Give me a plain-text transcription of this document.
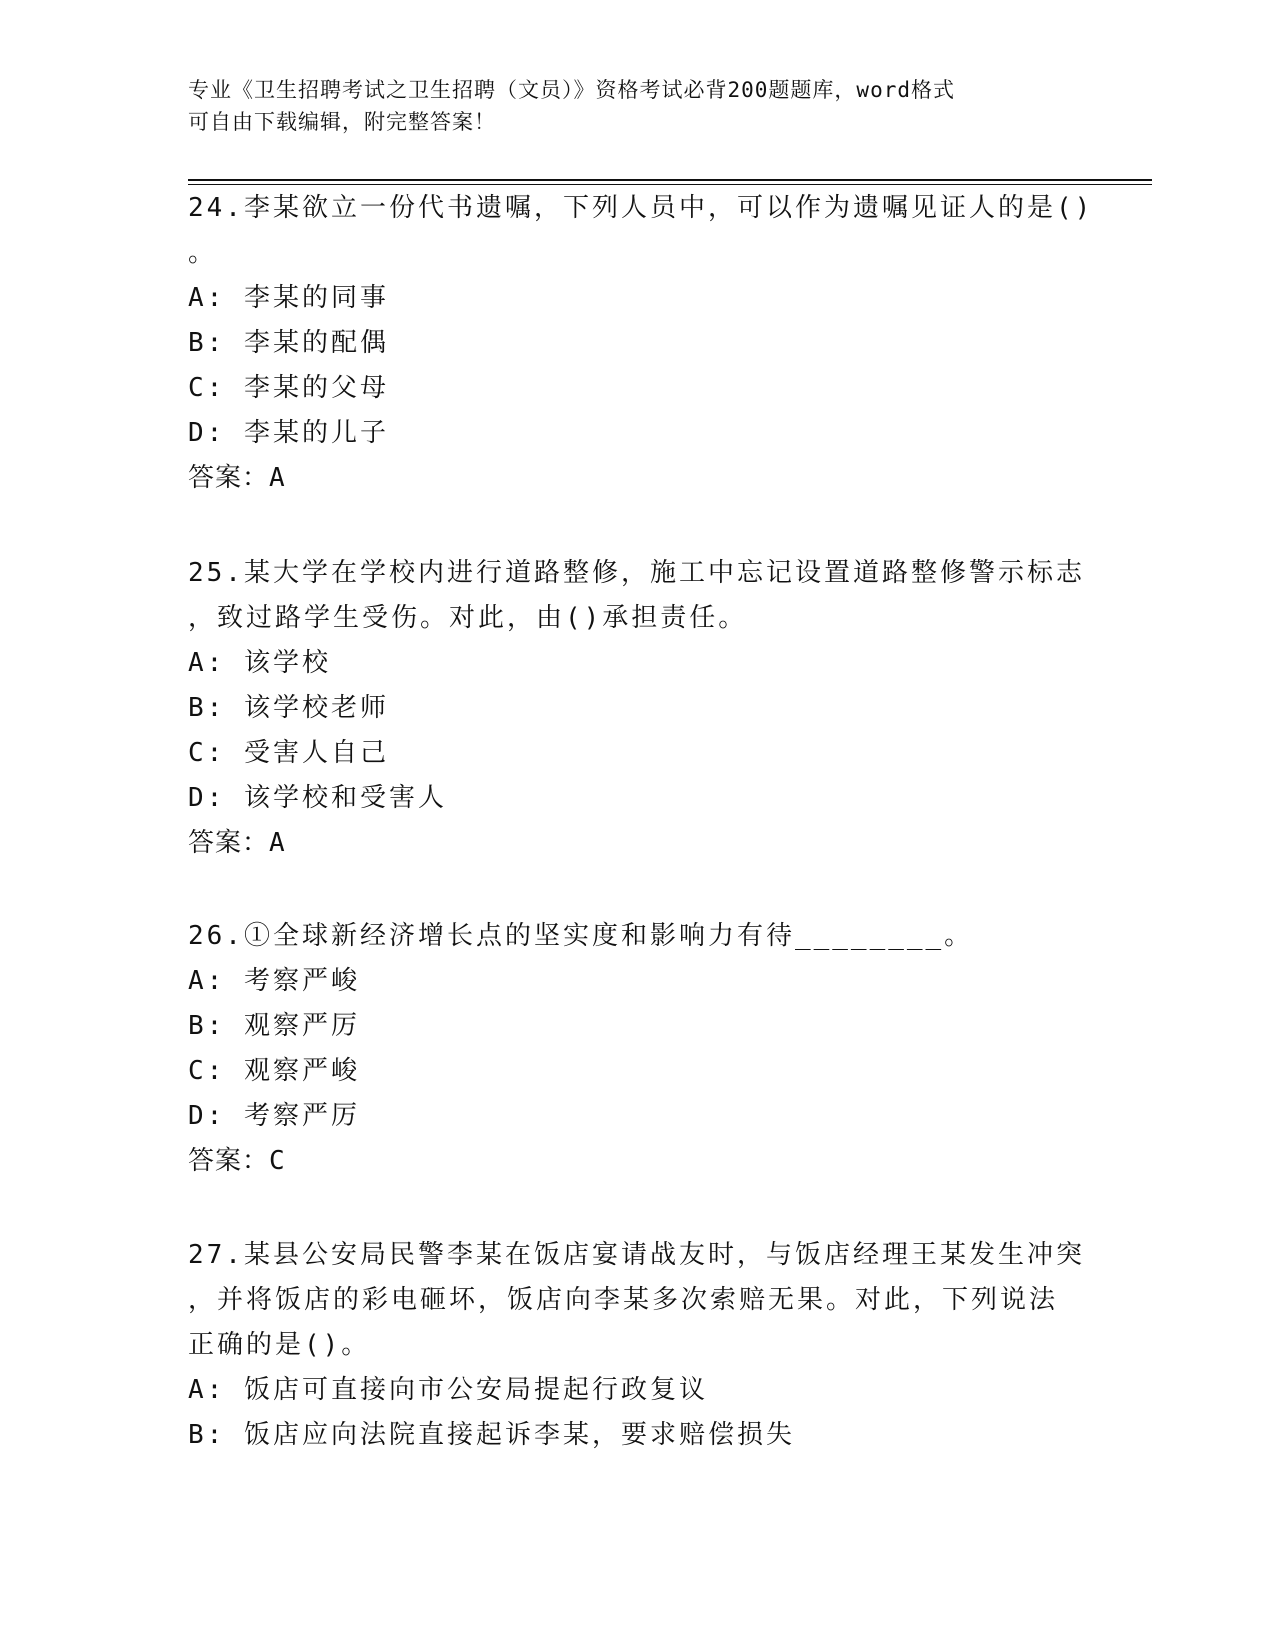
专业《卫生招聘考试之卫生招聘（文员）》资格考试必背200题题库，word格式
可自由下载编辑，附完整答案！
24.李某欲立一份代书遗嘱，下列人员中，可以作为遗嘱见证人的是()
。
A: 李某的同事
B: 李某的配偶
C: 李某的父母
D: 李某的儿子
答案：A
25.某大学在学校内进行道路整修，施工中忘记设置道路整修警示标志
，致过路学生受伤。对此，由()承担责任。
A: 该学校
B: 该学校老师
C: 受害人自己
D: 该学校和受害人
答案：A
26.①全球新经济增长点的坚实度和影响力有待________。
A: 考察严峻
B: 观察严厉
C: 观察严峻
D: 考察严厉
答案：C
27.某县公安局民警李某在饭店宴请战友时，与饭店经理王某发生冲突
，并将饭店的彩电砸坏，饭店向李某多次索赔无果。对此，下列说法
正确的是()。
A: 饭店可直接向市公安局提起行政复议
B: 饭店应向法院直接起诉李某，要求赔偿损失
